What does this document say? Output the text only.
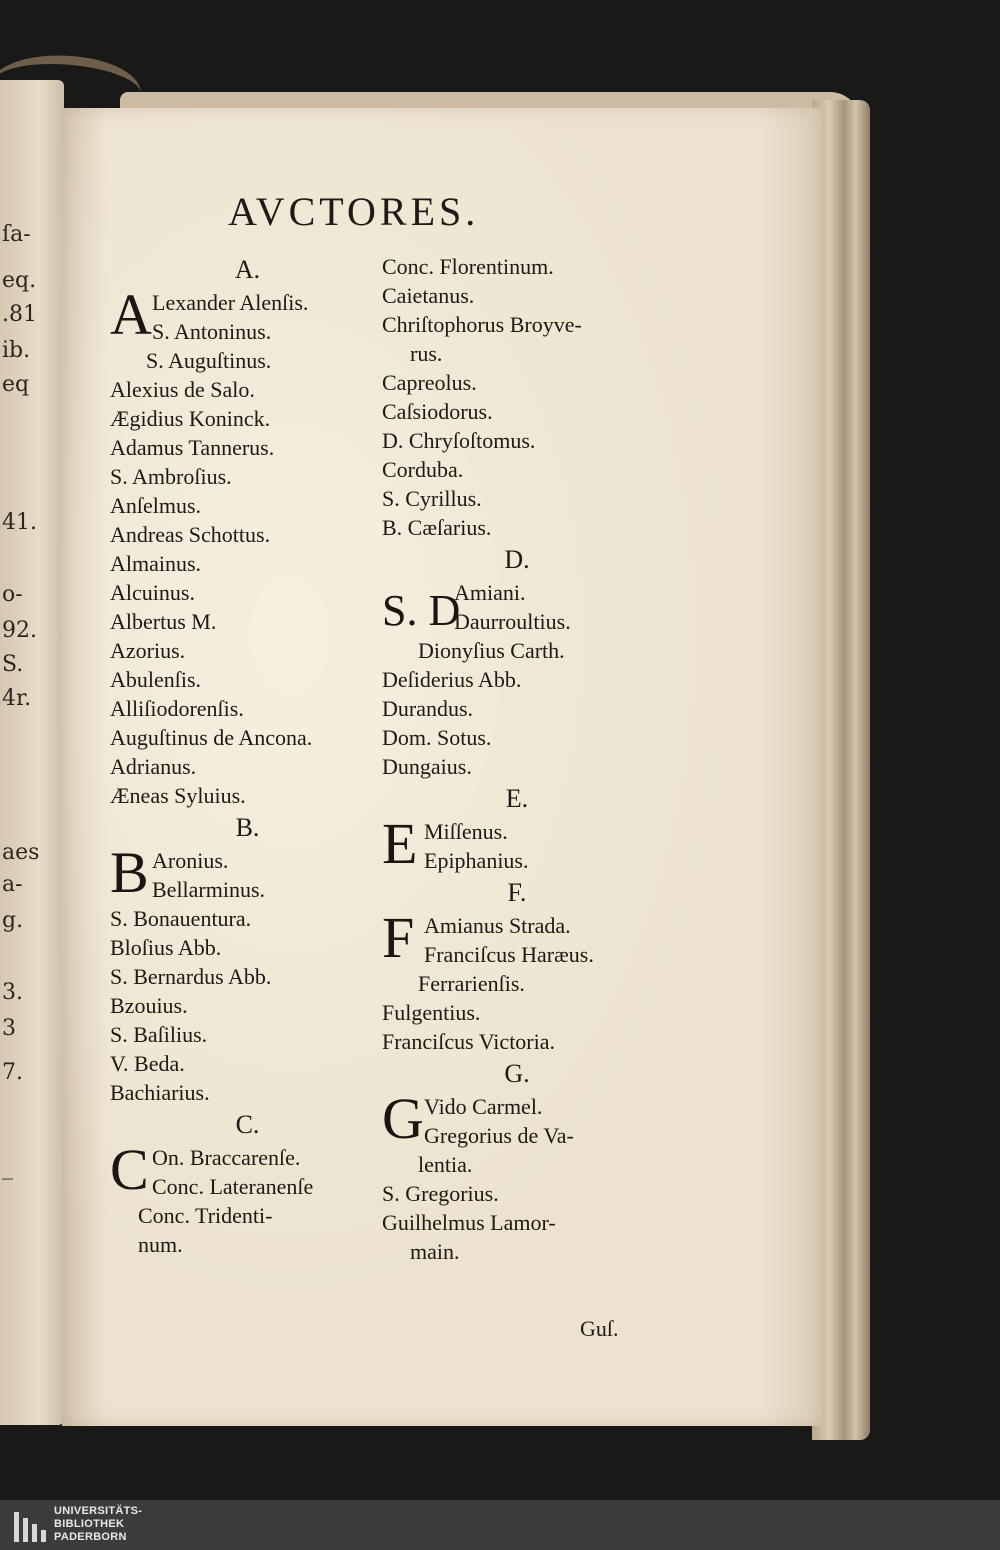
ſa-
eq.
.81
ib.
eq
41.
o-
92.
S.
4r.
aes
a-
g.
3.
3
7.
_
AVCTORES.
A.
A Lexander Alenſis.
S. Antoninus.
S. Auguſtinus.
Alexius de Salo.
Ægidius Koninck.
Adamus Tannerus.
S. Ambroſius.
Anſelmus.
Andreas Schottus.
Almainus.
Alcuinus.
Albertus M.
Azorius.
Abulenſis.
Alliſiodorenſis.
Auguſtinus de Ancona.
Adrianus.
Æneas Syluius.
B.
B Aronius.
Bellarminus.
S. Bonauentura.
Bloſius Abb.
S. Bernardus Abb.
Bzouius.
S. Baſilius.
V. Beda.
Bachiarius.
C.
C On. Braccarenſe.
Conc. Lateranenſe
Conc. Tridenti-
num.
Conc. Florentinum.
Caietanus.
Chriſtophorus Broyve-
rus.
Capreolus.
Caſsiodorus.
D. Chryſoſtomus.
Corduba.
S. Cyrillus.
B. Cæſarius.
D.
S. D
Amiani.
Daurroultius.
Dionyſius Carth.
Deſiderius Abb.
Durandus.
Dom. Sotus.
Dungaius.
E.
E Miſſenus.
Epiphanius.
F.
F Amianus Strada.
Franciſcus Haræus.
Ferrarienſis.
Fulgentius.
Franciſcus Victoria.
G.
G Vido Carmel.
Gregorius de Va-
lentia.
S. Gregorius.
Guilhelmus Lamor-
main.
Guſ.
UNIVERSITÄTS-
BIBLIOTHEK
PADERBORN
